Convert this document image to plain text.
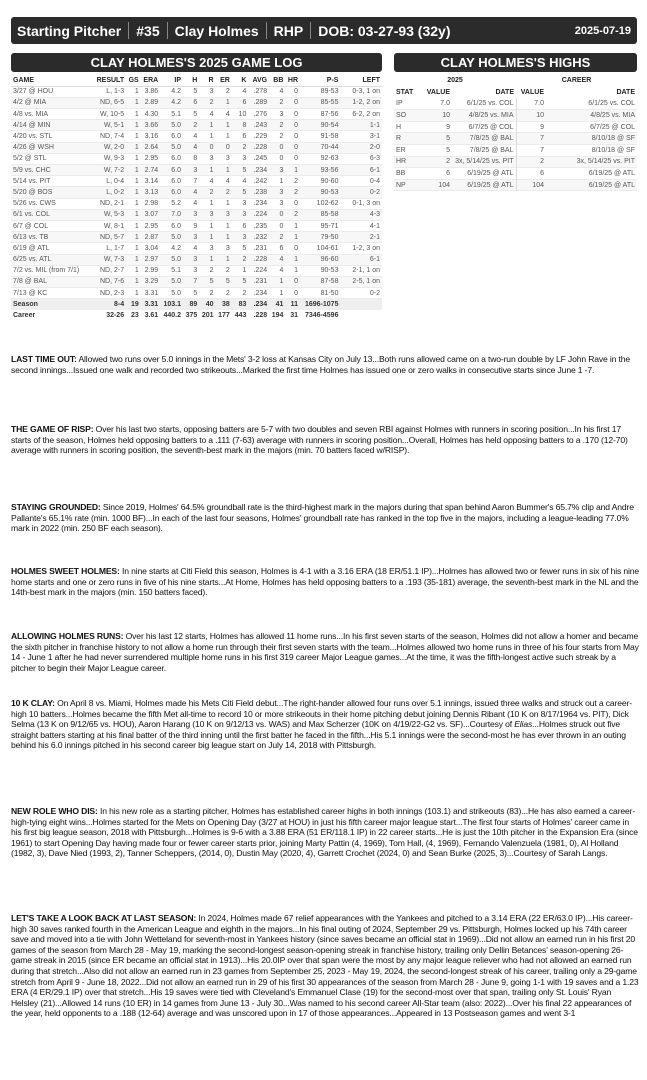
Starting Pitcher #35 Clay Holmes RHP DOB: 03-27-93 (32y)	2025-07-19
CLAY HOLMES'S 2025 GAME LOG	CLAY HOLMES'S HIGHS
GAME	RESULT	GS	ERA	IP	H	R	ER	K	AVG	BB	HR	P-S	LEFT
3/27 @ HOU	L, 1-3	1	3.86	4.2	5	3	2	4	.278	4	0	89-53	0-3, 1 on
4/2 @ MIA	ND, 6-5	1	2.89	4.2	6	2	1	6	.289	2	0	85-55	1-2, 2 on
4/8 vs. MIA	W, 10-5	1	4.30	5.1	5	4	4	10	.276	3	0	87-56	6-2, 2 on
4/14 @ MIN	W, 5-1	1	3.66	5.0	2	1	1	8	.243	2	0	90-54	1-1
4/20 vs. STL	ND, 7-4	1	3.16	6.0	4	1	1	6	.229	2	0	91-58	3-1
4/26 @ WSH	W, 2-0	1	2.64	5.0	4	0	0	2	.228	0	0	70-44	2-0
5/2 @ STL	W, 9-3	1	2.95	6.0	8	3	3	3	.245	0	0	92-63	6-3
5/9 vs. CHC	W, 7-2	1	2.74	6.0	3	1	1	5	.234	3	1	93-56	6-1
5/14 vs. PIT	L, 0-4	1	3.14	6.0	7	4	4	4	.242	1	2	90-60	0-4
5/20 @ BOS	L, 0-2	1	3.13	6.0	4	2	2	5	.238	3	2	90-53	0-2
5/26 vs. CWS	ND, 2-1	1	2.98	5.2	4	1	1	3	.234	3	0	102-62	0-1, 3 on
6/1 vs. COL	W, 5-3	1	3.07	7.0	3	3	3	3	.224	0	2	85-58	4-3
6/7 @ COL	W, 8-1	1	2.95	6.0	9	1	1	6	.235	0	1	95-71	4-1
6/13 vs. TB	ND, 5-7	1	2.87	5.0	3	1	1	3	.232	2	1	79-50	2-1
6/19 @ ATL	L, 1-7	1	3.04	4.2	4	3	3	5	.231	6	0	104-61	1-2, 3 on
6/25 vs. ATL	W, 7-3	1	2.97	5.0	3	1	1	2	.228	4	1	96-60	6-1
7/2 vs. MIL (from 7/1)	ND, 2-7	1	2.99	5.1	3	2	2	1	.224	4	1	90-53	2-1, 1 on
7/8 @ BAL	ND, 7-6	1	3.29	5.0	7	5	5	5	.231	1	0	87-58	2-5, 1 on
7/13 @ KC	ND, 2-3	1	3.31	5.0	5	2	2	2	.234	1	0	81-50	0-2
Season	8-4	19	3.31	103.1	89	40	38	83	.234	41	11	1696-1075	
Career	32-26	23	3.61	440.2	375	201	177	443	.228	194	31	7346-4596	
2025			CAREER	
STAT	VALUE	DATE	VALUE	DATE
IP	7.0	6/1/25 vs. COL	7.0	6/1/25 vs. COL
SO	10	4/8/25 vs. MIA	10	4/8/25 vs. MIA
H	9	6/7/25 @ COL	9	6/7/25 @ COL
R	5	7/8/25 @ BAL	7	8/10/18 @ SF
ER	5	7/8/25 @ BAL	7	8/10/18 @ SF
HR	2	3x, 5/14/25 vs. PIT	2	3x, 5/14/25 vs. PIT
BB	6	6/19/25 @ ATL	6	6/19/25 @ ATL
NP	104	6/19/25 @ ATL	104	6/19/25 @ ATL

LAST TIME OUT: Allowed two runs over 5.0 innings in the Mets' 3-2 loss at Kansas City on July 13...Both runs allowed came on a two-run double by LF John Rave in the second innings...Issued one walk and recorded two strikeouts...Marked the first time Holmes has issued one or zero walks in consecutive starts since June 1 -7.

THE GAME OF RISP: Over his last two starts, opposing batters are 5-7 with two doubles and seven RBI against Holmes with runners in scoring position...In his first 17 starts of the season, Holmes held opposing batters to a .111 (7-63) average with runners in scoring position...Overall, Holmes has held opposing batters to a .170 (12-70) average with runners in scoring position, the seventh-best mark in the majors (min. 70 batters faced w/RISP).

STAYING GROUNDED: Since 2019, Holmes' 64.5% groundball rate is the third-highest mark in the majors during that span behind Aaron Bummer's 65.7% clip and Andre Pallante's 65.1% rate (min. 1000 BF)...In each of the last four seasons, Holmes' groundball rate has ranked in the top five in the majors, including a league-leading 77.0% mark in 2022 (min. 250 BF each season).

HOLMES SWEET HOLMES: In nine starts at Citi Field this season, Holmes is 4-1 with a 3.16 ERA (18 ER/51.1 IP)...Holmes has allowed two or fewer runs in six of his nine home starts and one or zero runs in five of his nine starts...At Home, Holmes has held opposing batters to a .193 (35-181) average, the seventh-best mark in the NL and the 14th-best mark in the majors (min. 150 batters faced).

ALLOWING HOLMES RUNS: Over his last 12 starts, Holmes has allowed 11 home runs...In his first seven starts of the season, Holmes did not allow a homer and became the sixth pitcher in franchise history to not allow a home run through their first seven starts with the team...Holmes allowed two home runs in three of his four starts from May 14 - June 1 after he had never surrendered multiple home runs in his first 319 career Major League games...At the time, it was the fifth-longest active such streak by a pitcher to begin their Major League career.

10 K CLAY: On April 8 vs. Miami, Holmes made his Mets Citi Field debut...The right-hander allowed four runs over 5.1 innings, issued three walks and struck out a career-high 10 batters...Holmes became the fifth Met all-time to record 10 or more strikeouts in their home pitching debut joining Dennis Ribant (10 K on 8/17/1964 vs. PIT), Dick Selma (13 K on 9/12/65 vs. HOU), Aaron Harang (10 K on 9/12/13 vs. WAS) and Max Scherzer (10K on 4/19/22-G2 vs. SF)...Courtesy of Elias...Holmes struck out five straight batters starting at his final batter of the third inning until the first batter he faced in the fifth...His 5.1 innings were the second-most he has ever thrown in an outing behind his 6.0 innings pitched in his second career big league start on July 14, 2018 with Pittsburgh.

NEW ROLE WHO DIS: In his new role as a starting pitcher, Holmes has established career highs in both innings (103.1) and strikeouts (83)...He has also earned a career-high-tying eight wins...Holmes started for the Mets on Opening Day (3/27 at HOU) in just his fifth career major league start...The first four starts of Holmes' career came in his first big league season, 2018 with Pittsburgh...Holmes is 9-6 with a 3.88 ERA (51 ER/118.1 IP) in 22 career starts...He is just the 10th pitcher in the Expansion Era (since 1961) to start Opening Day having made four or fewer career starts prior, joining Marty Pattin (4, 1969), Tom Hall, (4, 1969), Fernando Valenzuela (1981, 0), Al Holland (1982, 3), Dave Nied (1993, 2), Tanner Scheppers, (2014, 0), Dustin May (2020, 4), Garrett Crochet (2024, 0) and Sean Burke (2025, 3)...Courtesy of Sarah Langs.

LET'S TAKE A LOOK BACK AT LAST SEASON: In 2024, Holmes made 67 relief appearances with the Yankees and pitched to a 3.14 ERA (22 ER/63.0 IP)...His career-high 30 saves ranked fourth in the American League and eighth in the majors...In his final outing of 2024, September 29 vs. Pittsburgh, Holmes locked up his 74th career save and moved into a tie with John Wetteland for seventh-most in Yankees history (since saves became an official stat in 1969)...Did not allow an earned run in his first 20 games of the season from March 28 - May 19, marking the second-longest season-opening streak in franchise history, trailing only Dellin Betances' season-opening 26-game streak in 2015 (since ER became an official stat in 1913)...His 20.0IP over that span were the most by any major league reliever who had not allowed an earned run during that stretch...Also did not allow an earned run in 23 games from September 25, 2023 - May 19, 2024, the second-longest streak of his career, trailing only a 29-game stretch from April 9 - June 18, 2022...Did not allow an earned run in 29 of his first 30 appearances of the season from March 28 - June 9, going 1-1 with 19 saves and a 1.23 ERA (4 ER/29.1 IP) over that stretch...His 19 saves were tied with Cleveland's Emmanuel Clase (19) for the second-most over that span, trailing only St. Louis' Ryan Helsley (21)...Allowed 14 runs (10 ER) in 14 games from June 13 - July 30...Was named to his second career All-Star team (also: 2022)...Over his final 22 appearances of the year, held opponents to a .188 (12-64) average and was unscored upon in 17 of those appearances...Appeared in 13 Postseason games and went 3-1
